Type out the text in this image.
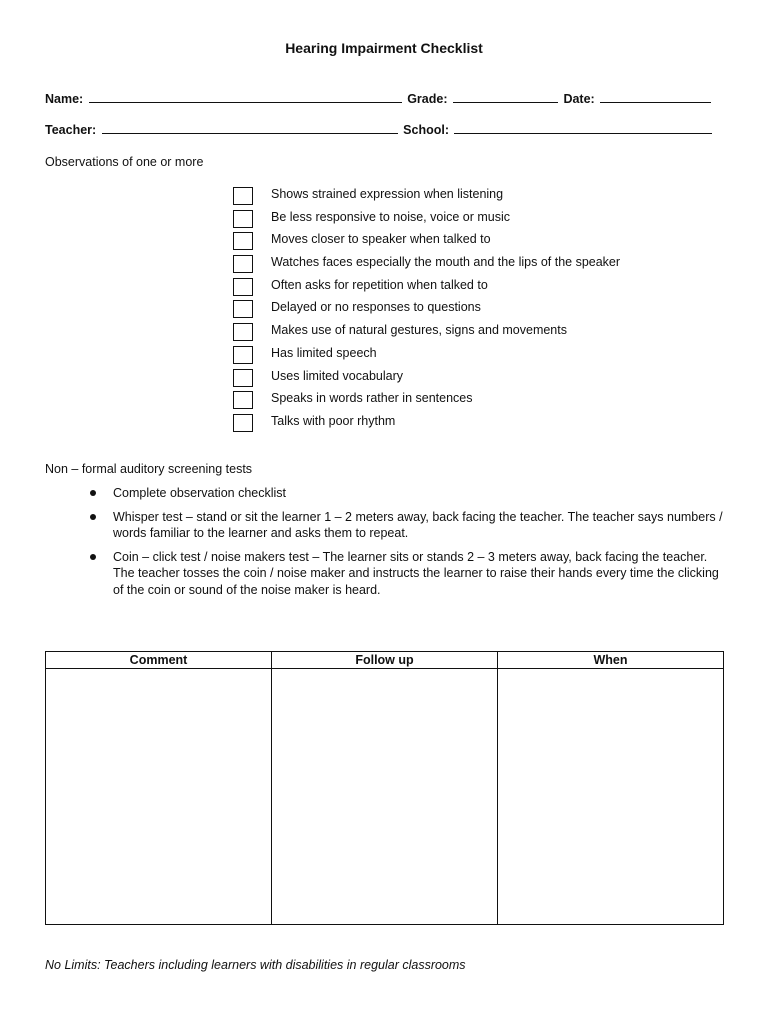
Hearing Impairment Checklist
Name:	Grade:	Date:
Teacher:	School:
Observations of one or more
Shows strained expression when listening
Be less responsive to noise, voice or music
Moves closer to speaker when talked to
Watches faces especially the mouth and the lips of the speaker
Often asks for repetition when talked to
Delayed or no responses to questions
Makes use of natural gestures, signs and movements
Has limited speech
Uses limited vocabulary
Speaks in words rather in sentences
Talks with poor rhythm
Non – formal auditory screening tests
Complete observation checklist
Whisper test – stand or sit the learner 1 – 2 meters away, back facing the teacher. The teacher says numbers / words familiar to the learner and asks them to repeat.
Coin – click test / noise makers test – The learner sits or stands 2 – 3 meters away, back facing the teacher. The teacher tosses the coin / noise maker and instructs the learner to raise their hands every time the clicking of the coin or sound of the noise maker is heard.
Comment	Follow up	When

No Limits: Teachers including learners with disabilities in regular classrooms
